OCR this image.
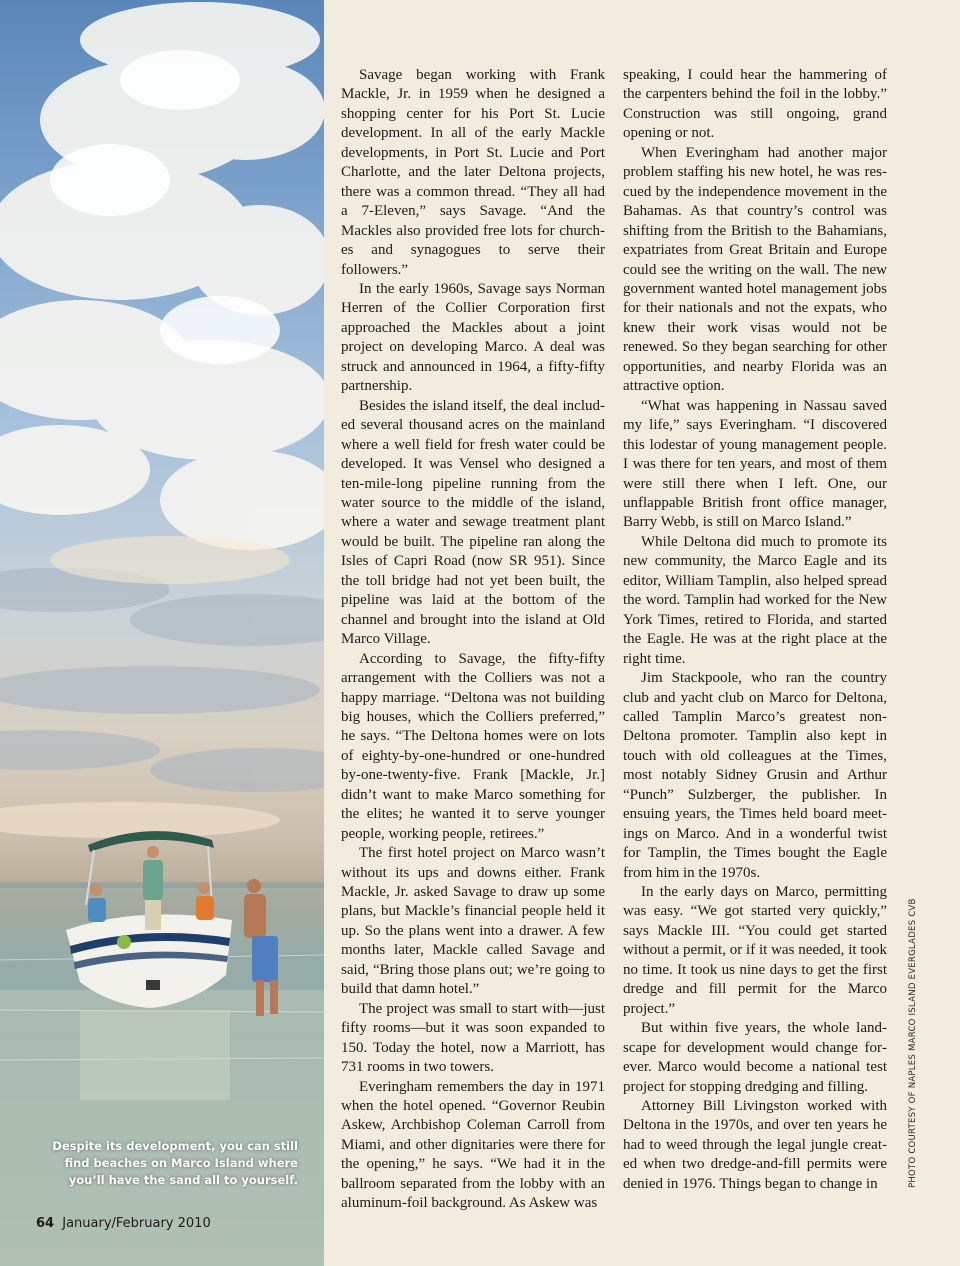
Despite its development, you can still find beaches on Marco Island where you’ll have the sand all to yourself.
64 January/February 2010

Savage began working with Frank Mackle, Jr. in 1959 when he designed a shopping center for his Port St. Lucie development. In all of the early Mackle developments, in Port St. Lucie and Port Charlotte, and the later Deltona projects, there was a common thread. “They all had a 7-Eleven,” says Savage. “And the Mackles also provided free lots for churches and synagogues to serve their followers.”

In the early 1960s, Savage says Norman Herren of the Collier Corporation first approached the Mackles about a joint project on developing Marco. A deal was struck and announced in 1964, a fifty-fifty partnership.

Besides the island itself, the deal included several thousand acres on the mainland where a well field for fresh water could be developed. It was Vensel who designed a ten-mile-long pipeline running from the water source to the middle of the island, where a water and sewage treatment plant would be built. The pipeline ran along the Isles of Capri Road (now SR 951). Since the toll bridge had not yet been built, the pipeline was laid at the bottom of the channel and brought into the island at Old Marco Village.

According to Savage, the fifty-fifty arrangement with the Colliers was not a happy marriage. “Deltona was not building big houses, which the Colliers preferred,” he says. “The Deltona homes were on lots of eighty-by-one-hundred or one-hundred by-one-twenty-five. Frank [Mackle, Jr.] didn’t want to make Marco something for the elites; he wanted it to serve younger people, working people, retirees.”

The first hotel project on Marco wasn’t without its ups and downs either. Frank Mackle, Jr. asked Savage to draw up some plans, but Mackle’s financial people held it up. So the plans went into a drawer. A few months later, Mackle called Savage and said, “Bring those plans out; we’re going to build that damn hotel.”

The project was small to start with—just fifty rooms—but it was soon expanded to 150. Today the hotel, now a Marriott, has 731 rooms in two towers.

Everingham remembers the day in 1971 when the hotel opened. “Governor Reubin Askew, Archbishop Coleman Carroll from Miami, and other dignitaries were there for the opening,” he says. “We had it in the ballroom separated from the lobby with an aluminum-foil background. As Askew was

speaking, I could hear the hammering of the carpenters behind the foil in the lobby.” Construction was still ongoing, grand opening or not.

When Everingham had another major problem staffing his new hotel, he was rescued by the independence movement in the Bahamas. As that country’s control was shifting from the British to the Bahamians, expatriates from Great Britain and Europe could see the writing on the wall. The new government wanted hotel management jobs for their nationals and not the expats, who knew their work visas would not be renewed. So they began searching for other opportunities, and nearby Florida was an attractive option.

“What was happening in Nassau saved my life,” says Everingham. “I discovered this lodestar of young management people. I was there for ten years, and most of them were still there when I left. One, our unflappable British front office manager, Barry Webb, is still on Marco Island.”

While Deltona did much to promote its new community, the Marco Eagle and its editor, William Tamplin, also helped spread the word. Tamplin had worked for the New York Times, retired to Florida, and started the Eagle. He was at the right place at the right time.

Jim Stackpoole, who ran the country club and yacht club on Marco for Deltona, called Tamplin Marco’s greatest non-Deltona promoter. Tamplin also kept in touch with old colleagues at the Times, most notably Sidney Grusin and Arthur “Punch” Sulzberger, the publisher. In ensuing years, the Times held board meetings on Marco. And in a wonderful twist for Tamplin, the Times bought the Eagle from him in the 1970s.

In the early days on Marco, permitting was easy. “We got started very quickly,” says Mackle III. “You could get started without a permit, or if it was needed, it took no time. It took us nine days to get the first dredge and fill permit for the Marco project.”

But within five years, the whole landscape for development would change forever. Marco would become a national test project for stopping dredging and filling.

Attorney Bill Livingston worked with Deltona in the 1970s, and over ten years he had to weed through the legal jungle created when two dredge-and-fill permits were denied in 1976. Things began to change in	PHOTO COURTESY OF NAPLES MARCO ISLAND EVERGLADES CVB
